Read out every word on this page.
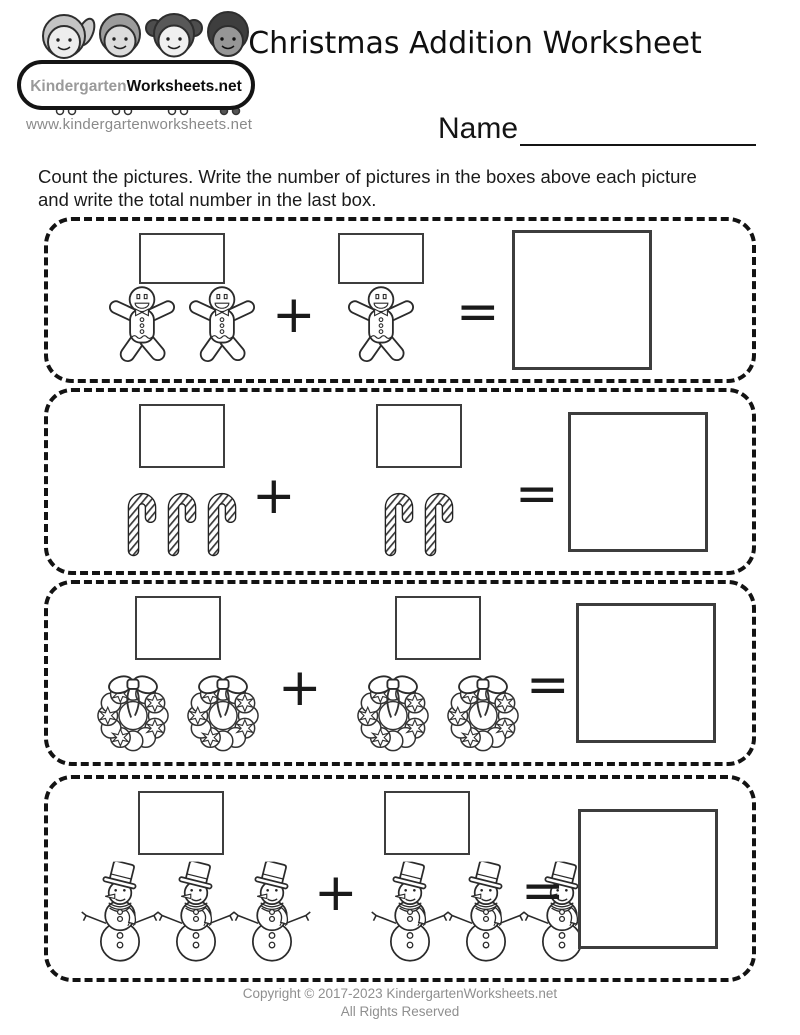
KindergartenWorksheets.net
www.kindergartenworksheets.net
Christmas Addition Worksheet
Name
Count the pictures. Write the number of pictures in the boxes above each picture
and write the total number in the last box.
+	=
+	=
+	=
+	=
Copyright © 2017-2023 KindergartenWorksheets.net
All Rights Reserved
